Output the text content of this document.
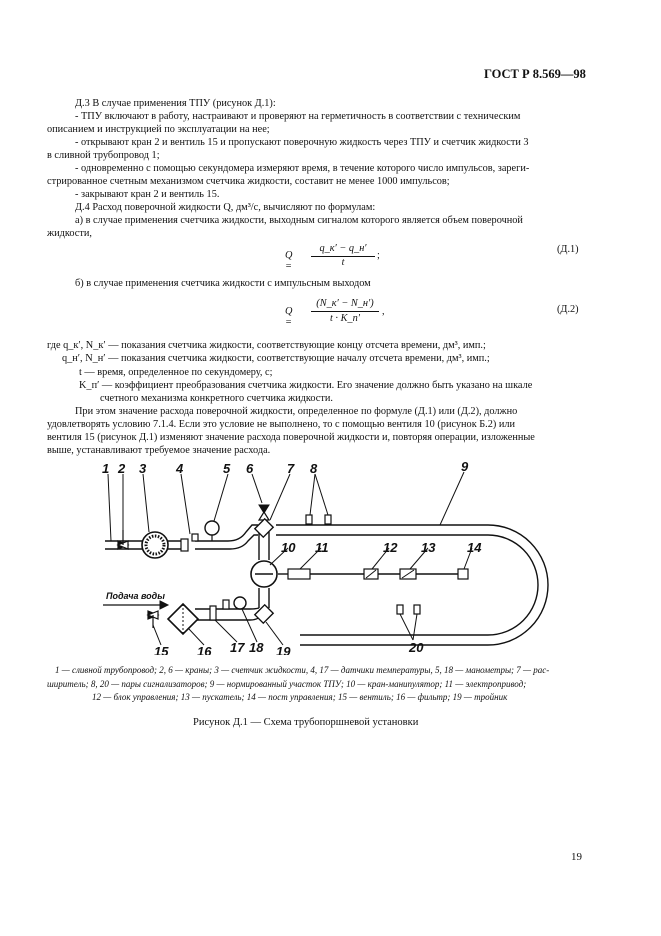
ГОСТ Р 8.569—98
Д.3 В случае применения ТПУ (рисунок Д.1):
- ТПУ включают в работу, настраивают и проверяют на герметичность в соответствии с техническим
описанием и инструкцией по эксплуатации на нее;
- открывают кран 2 и вентиль 15 и пропускают поверочную жидкость через ТПУ и счетчик жидкости 3
в сливной трубопровод 1;
- одновременно с помощью секундомера измеряют время, в течение которого число импульсов, зареги-
стрированное счетным механизмом счетчика жидкости, составит не менее 1000 импульсов;
- закрывают кран 2 и вентиль 15.
Д.4 Расход поверочной жидкости Q, дм³/с, вычисляют по формулам:
а) в случае применения счетчика жидкости, выходным сигналом которого является объем поверочной
жидкости,
Q =
q_к′ − q_н′
t
;
(Д.1)
б) в случае применения счетчика жидкости с импульсным выходом
Q =
(N_к′ − N_н′)
t · K_п′
,	(Д.2)
где q_к′, N_к′ — показания счетчика жидкости, соответствующие концу отсчета времени, дм³, имп.;
q_н′, N_н′ — показания счетчика жидкости, соответствующие началу отсчета времени, дм³, имп.;
t — время, определенное по секундомеру, с;
K_п′ — коэффициент преобразования счетчика жидкости. Его значение должно быть указано на шкале
счетного механизма конкретного счетчика жидкости.
При этом значение расхода поверочной жидкости, определенное по формуле (Д.1) или (Д.2), должно
удовлетворять условию 7.1.4. Если это условие не выполнено, то с помощью вентиля 10 (рисунок Б.2) или
вентиля 15 (рисунок Д.1) изменяют значение расхода поверочной жидкости и, повторяя операции, изложенные
выше, устанавливают требуемое значение расхода.
1 2 3 4	5 6	7 8	9
10 11	12 13 14
15 16 17 18 19	20
Подача воды
1 — сливной трубопровод; 2, 6 — краны; 3 — счетчик жидкости, 4, 17 — датчики температуры, 5, 18 — манометры; 7 — рас-
ширитель; 8, 20 — пары сигнализаторов; 9 — нормированный участок ТПУ; 10 — кран-манипулятор; 11 — электропривод;
12 — блок управления; 13 — пускатель; 14 — пост управления; 15 — вентиль; 16 — фильтр; 19 — тройник
Рисунок Д.1 — Схема трубопоршневой установки
19
